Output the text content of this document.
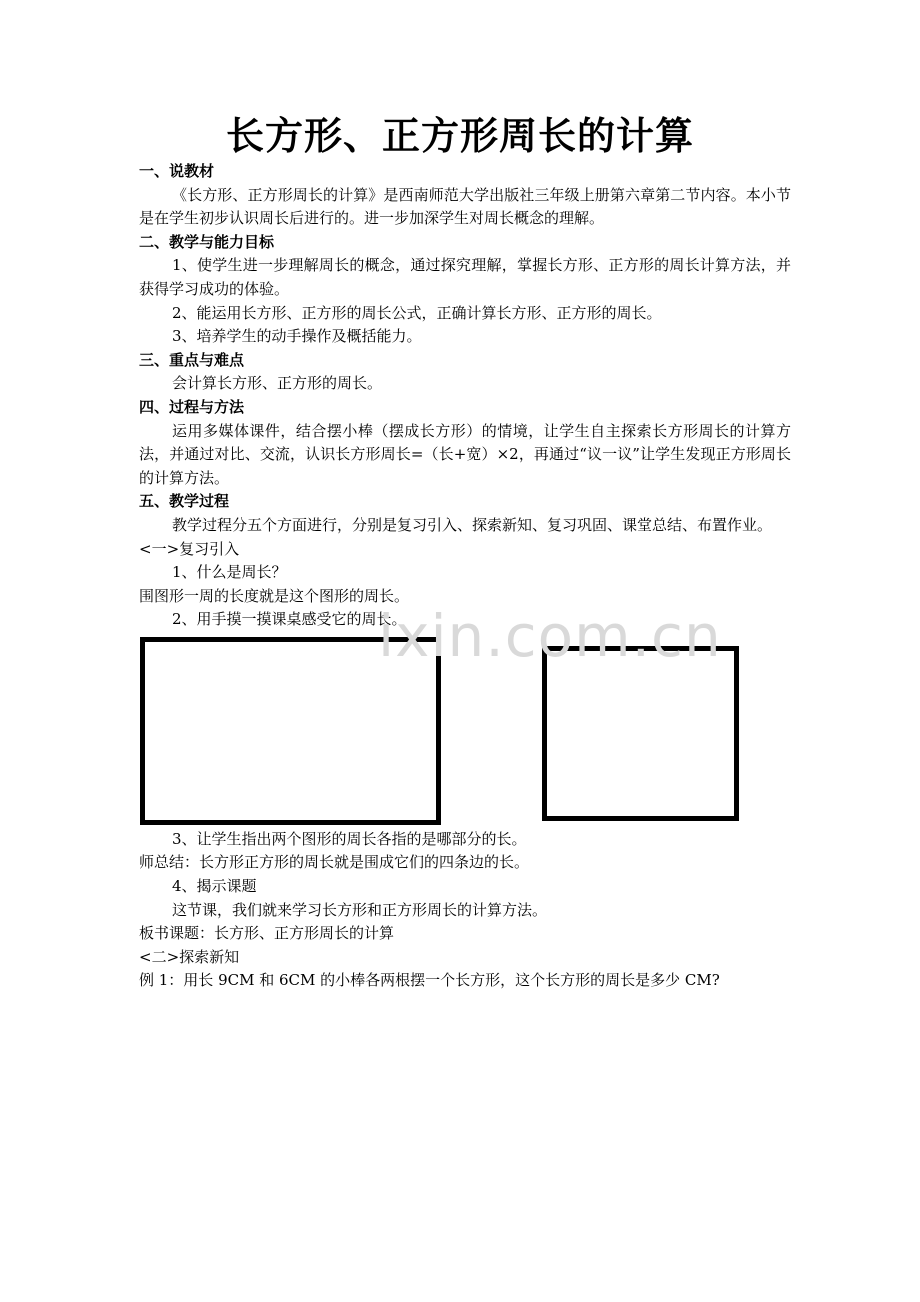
长方形、正方形周长的计算

一、说教材

《长方形、正方形周长的计算》是西南师范大学出版社三年级上册第六章第二节内容。本小节是在学生初步认识周长后进行的。进一步加深学生对周长概念的理解。

二、教学与能力目标

1、使学生进一步理解周长的概念，通过探究理解，掌握长方形、正方形的周长计算方法，并获得学习成功的体验。

2、能运用长方形、正方形的周长公式，正确计算长方形、正方形的周长。

3、培养学生的动手操作及概括能力。

三、重点与难点

会计算长方形、正方形的周长。

四、过程与方法

运用多媒体课件，结合摆小棒（摆成长方形）的情境，让学生自主探索长方形周长的计算方法，并通过对比、交流，认识长方形周长=（长+宽）×2，再通过“议一议”让学生发现正方形周长的计算方法。

五、教学过程

教学过程分五个方面进行，分别是复习引入、探索新知、复习巩固、课堂总结、布置作业。

<一>复习引入

1、什么是周长？

围图形一周的长度就是这个图形的周长。

2、用手摸一摸课桌感受它的周长。

3、让学生指出两个图形的周长各指的是哪部分的长。

师总结：长方形正方形的周长就是围成它们的四条边的长。

4、揭示课题

这节课，我们就来学习长方形和正方形周长的计算方法。

板书课题：长方形、正方形周长的计算

<二>探索新知

例 1：用长 9CM 和 6CM 的小棒各两根摆一个长方形，这个长方形的周长是多少 CM?

ixin.com.cn
